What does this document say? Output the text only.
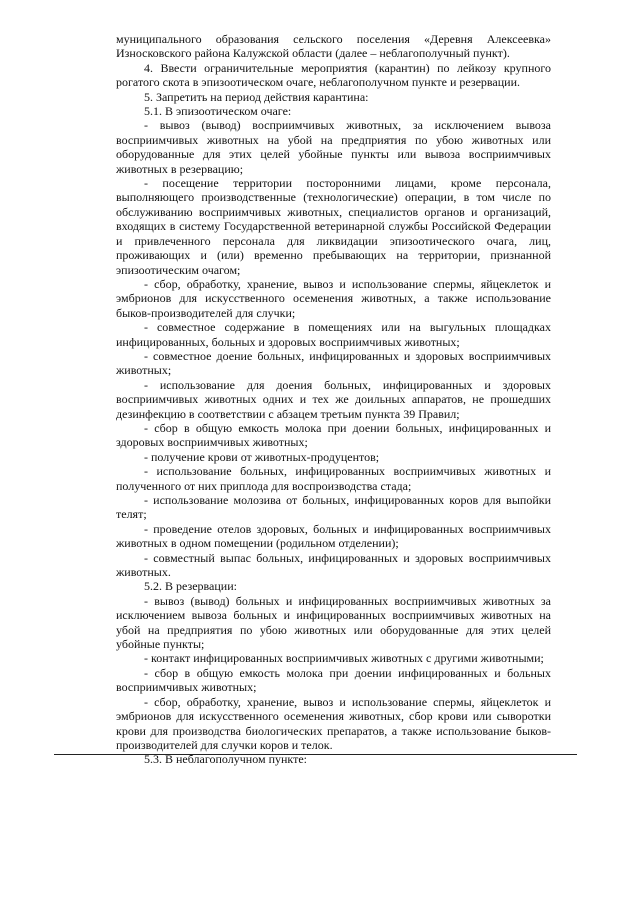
муниципального образования сельского поселения «Деревня Алексеевка» Износковского района Калужской области (далее – неблагополучный пункт).

4. Ввести ограничительные мероприятия (карантин) по лейкозу крупного рогатого скота в эпизоотическом очаге, неблагополучном пункте и резервации.

5. Запретить на период действия карантина:

5.1. В эпизоотическом очаге:

- вывоз (вывод) восприимчивых животных, за исключением вывоза восприимчивых животных на убой на предприятия по убою животных или оборудованные для этих целей убойные пункты или вывоза восприимчивых животных в резервацию;

- посещение территории посторонними лицами, кроме персонала, выполняющего производственные (технологические) операции, в том числе по обслуживанию восприимчивых животных, специалистов органов и организаций, входящих в систему Государственной ветеринарной службы Российской Федерации и привлеченного персонала для ликвидации эпизоотического очага, лиц, проживающих и (или) временно пребывающих на территории, признанной эпизоотическим очагом;

- сбор, обработку, хранение, вывоз и использование спермы, яйцеклеток и эмбрионов для искусственного осеменения животных, а также использование быков-производителей для случки;

- совместное содержание в помещениях или на выгульных площадках инфицированных, больных и здоровых восприимчивых животных;

- совместное доение больных, инфицированных и здоровых восприимчивых животных;

- использование для доения больных, инфицированных и здоровых восприимчивых животных одних и тех же доильных аппаратов, не прошедших дезинфекцию в соответствии с абзацем третьим пункта 39 Правил;

- сбор в общую емкость молока при доении больных, инфицированных и здоровых восприимчивых животных;

- получение крови от животных-продуцентов;

- использование больных, инфицированных восприимчивых животных и полученного от них приплода для воспроизводства стада;

- использование молозива от больных, инфицированных коров для выпойки телят;

- проведение отелов здоровых, больных и инфицированных восприимчивых животных в одном помещении (родильном отделении);

- совместный выпас больных, инфицированных и здоровых восприимчивых животных.

5.2. В резервации:

- вывоз (вывод) больных и инфицированных восприимчивых животных за исключением вывоза больных и инфицированных восприимчивых животных на убой на предприятия по убою животных или оборудованные для этих целей убойные пункты;

- контакт инфицированных восприимчивых животных с другими животными;

- сбор в общую емкость молока при доении инфицированных и больных восприимчивых животных;

- сбор, обработку, хранение, вывоз и использование спермы, яйцеклеток и эмбрионов для искусственного осеменения животных, сбор крови или сыворотки крови для производства биологических препаратов, а также использование быков-производителей для случки коров и телок.

5.3. В неблагополучном пункте:
